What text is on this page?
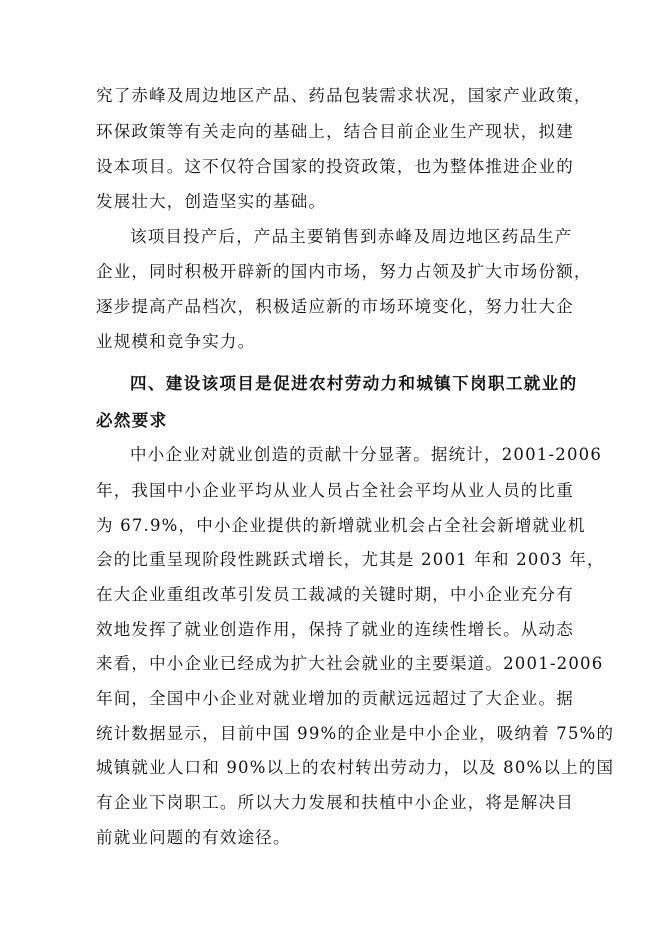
究了赤峰及周边地区产品、药品包装需求状况，国家产业政策，
环保政策等有关走向的基础上，结合目前企业生产现状，拟建
设本项目。这不仅符合国家的投资政策，也为整体推进企业的
发展壮大，创造坚实的基础。
该项目投产后，产品主要销售到赤峰及周边地区药品生产
企业，同时积极开辟新的国内市场，努力占领及扩大市场份额，
逐步提高产品档次，积极适应新的市场环境变化，努力壮大企
业规模和竞争实力。
四、建设该项目是促进农村劳动力和城镇下岗职工就业的
必然要求
中小企业对就业创造的贡献十分显著。据统计，2001-2006
年，我国中小企业平均从业人员占全社会平均从业人员的比重
为 67.9%，中小企业提供的新增就业机会占全社会新增就业机
会的比重呈现阶段性跳跃式增长，尤其是 2001 年和 2003 年，
在大企业重组改革引发员工裁减的关键时期，中小企业充分有
效地发挥了就业创造作用，保持了就业的连续性增长。从动态
来看，中小企业已经成为扩大社会就业的主要渠道。2001-2006
年间，全国中小企业对就业增加的贡献远远超过了大企业。据
统计数据显示，目前中国 99%的企业是中小企业，吸纳着 75%的
城镇就业人口和 90%以上的农村转出劳动力，以及 80%以上的国
有企业下岗职工。所以大力发展和扶植中小企业，将是解决目
前就业问题的有效途径。
